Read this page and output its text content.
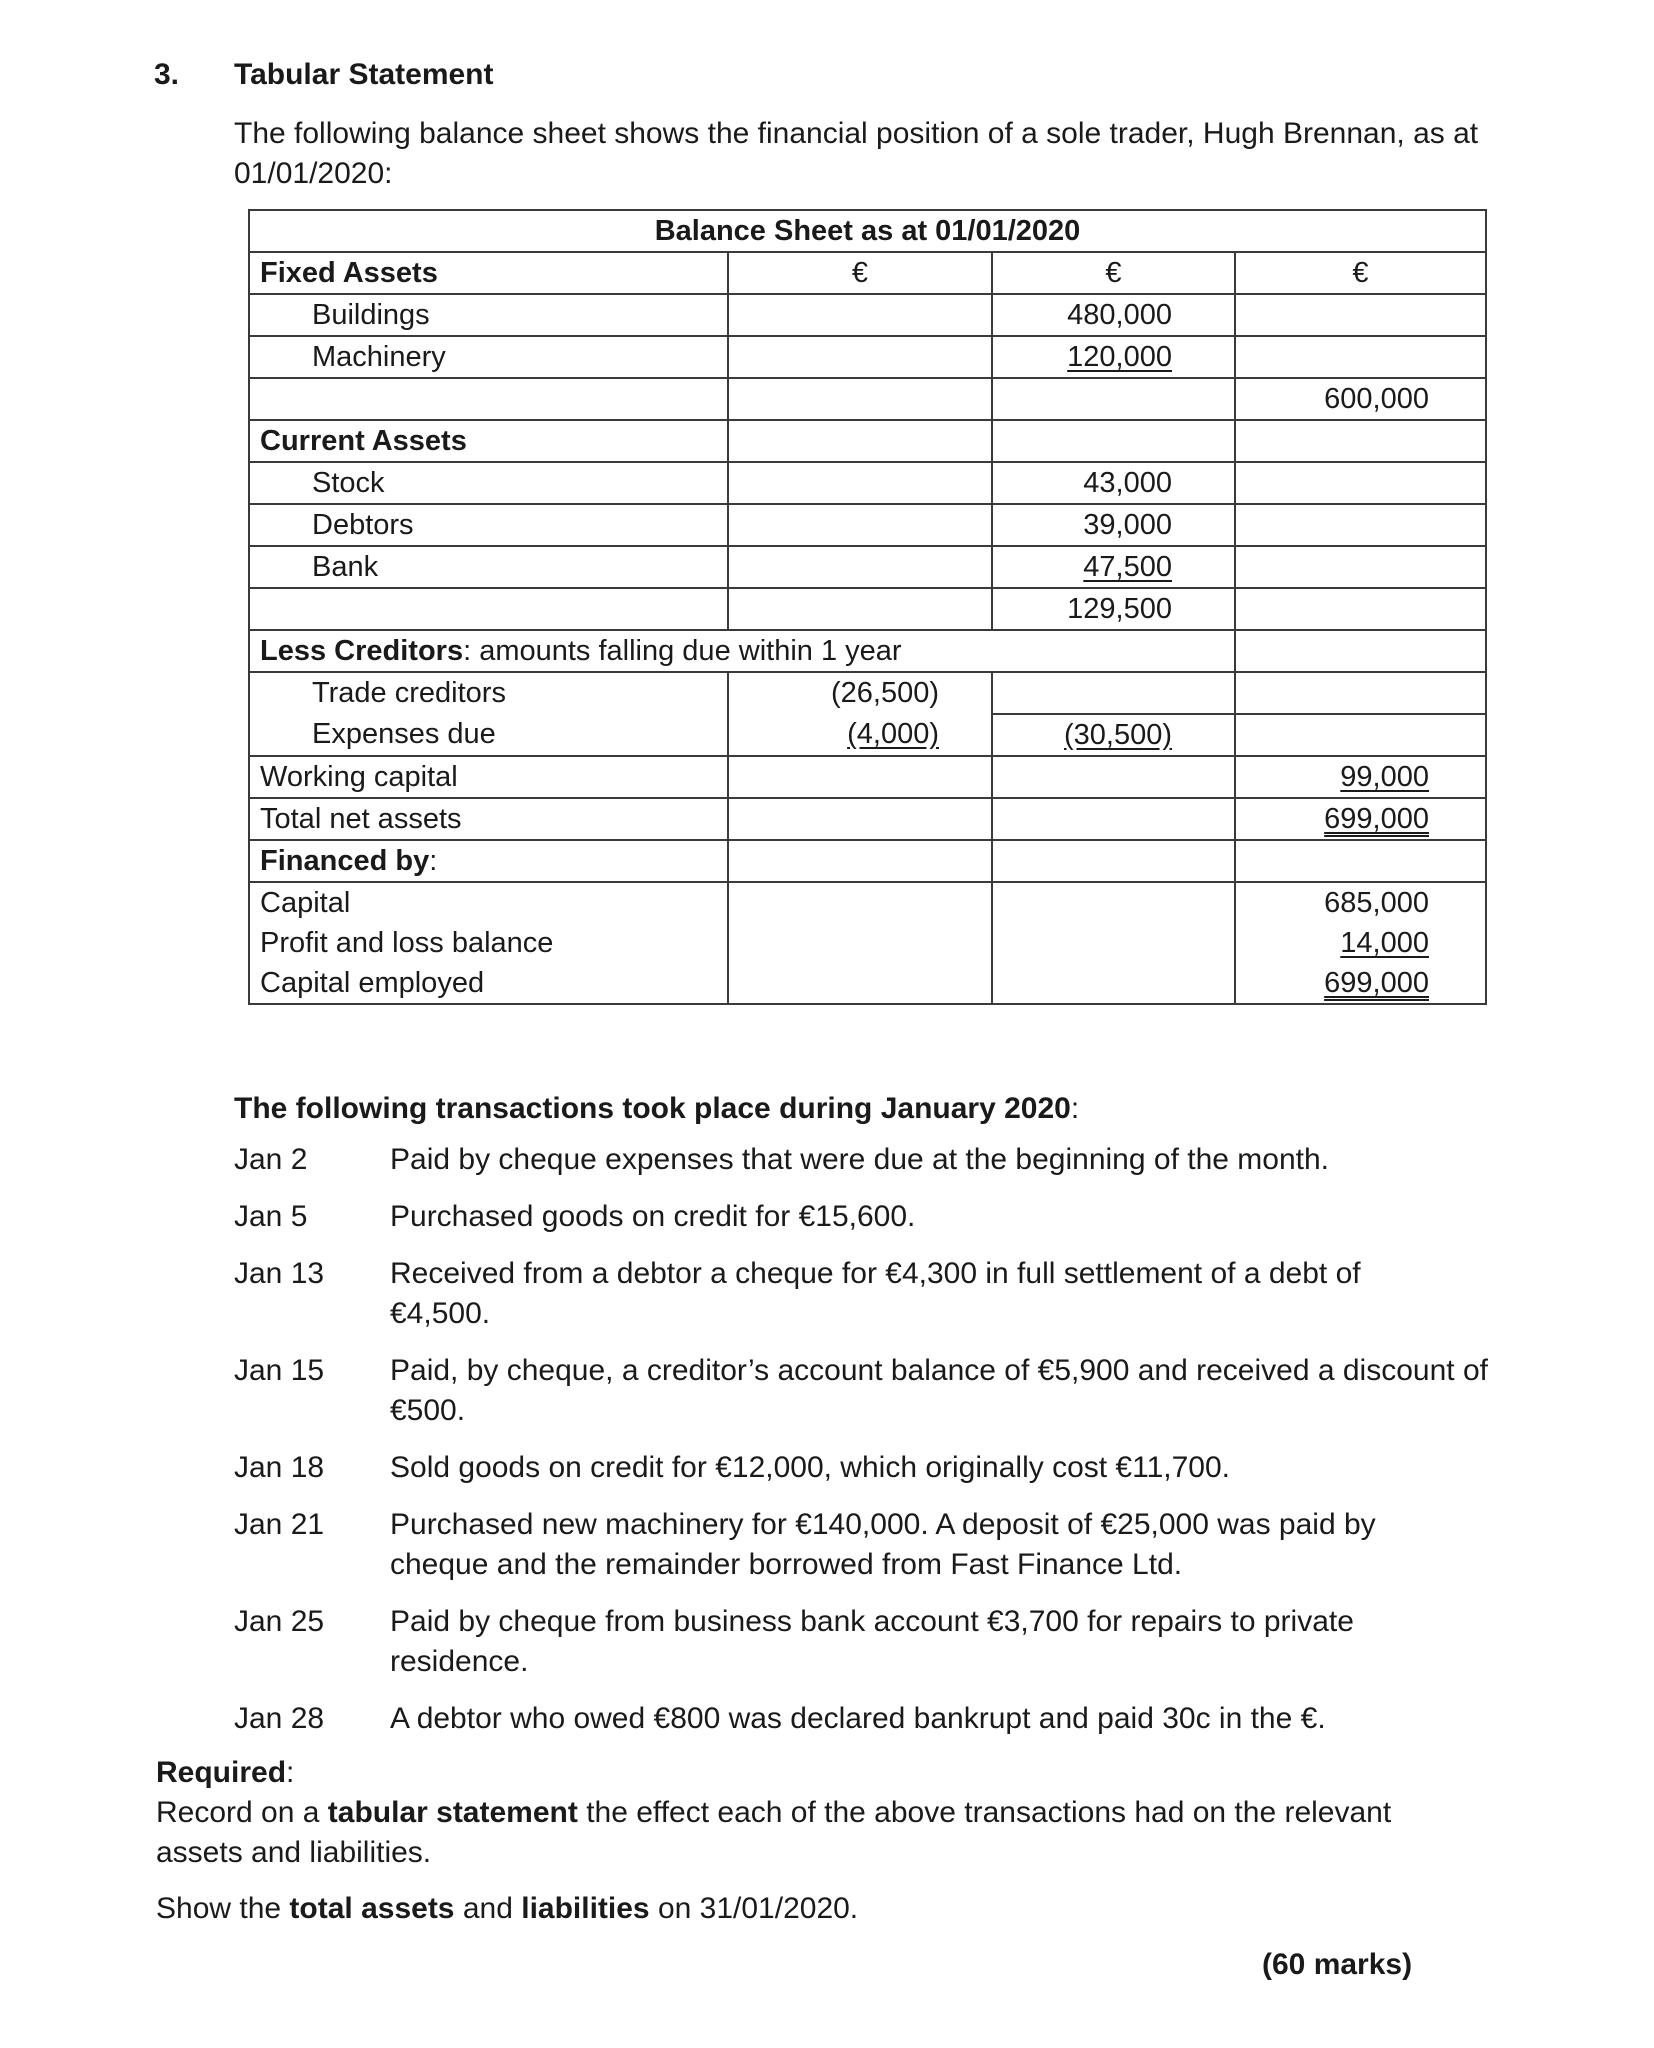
3. Tabular Statement
The following balance sheet shows the financial position of a sole trader, Hugh Brennan, as at 01/01/2020:
Balance Sheet as at 01/01/2020			
Fixed Assets	€	€	€
Buildings		480,000	
Machinery		120,000	
			600,000
Current Assets			
Stock		43,000	
Debtors		39,000	
Bank		47,500	
		129,500	
Less Creditors: amounts falling due within 1 year			
Trade creditors	(26,500)		
Expenses due	(4,000)	(30,500)	
Working capital			99,000
Total net assets			699,000
Financed by:			
Capital			685,000
Profit and loss balance			14,000
Capital employed			699,000
The following transactions took place during January 2020:
Jan 2	Paid by cheque expenses that were due at the beginning of the month.
Jan 5	Purchased goods on credit for €15,600.
Jan 13	Received from a debtor a cheque for €4,300 in full settlement of a debt of €4,500.
Jan 15	Paid, by cheque, a creditor’s account balance of €5,900 and received a discount of €500.
Jan 18	Sold goods on credit for €12,000, which originally cost €11,700.
Jan 21	Purchased new machinery for €140,000. A deposit of €25,000 was paid by cheque and the remainder borrowed from Fast Finance Ltd.
Jan 25	Paid by cheque from business bank account €3,700 for repairs to private residence.
Jan 28	A debtor who owed €800 was declared bankrupt and paid 30c in the €.
Required:
Record on a tabular statement the effect each of the above transactions had on the relevant assets and liabilities.
Show the total assets and liabilities on 31/01/2020.
(60 marks)
